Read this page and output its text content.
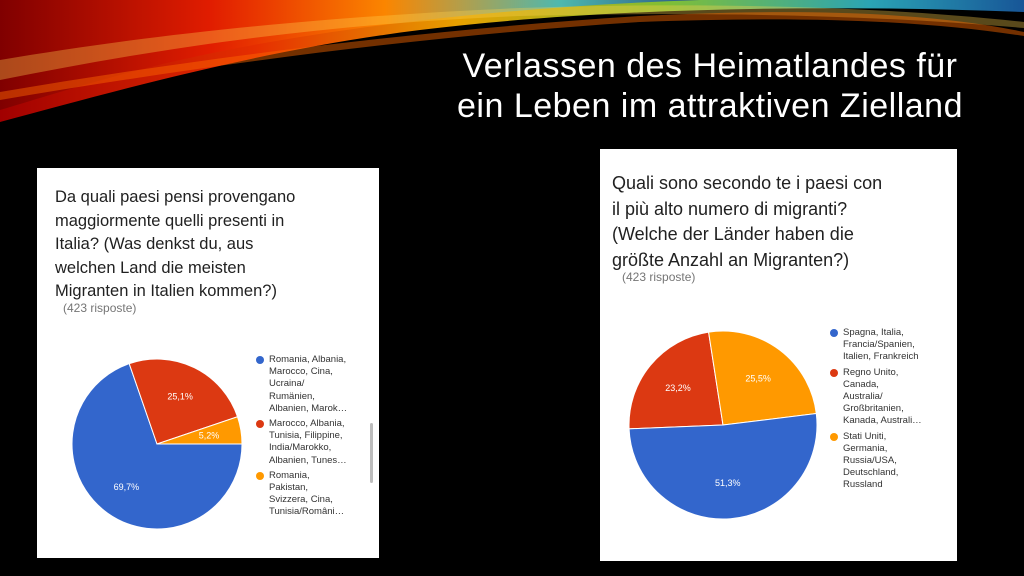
Verlassen des Heimatlandes für
ein Leben im attraktiven Zielland
Da quali paesi pensi provengano
maggiormente quelli presenti in
Italia? (Was denkst du, aus
welchen Land die meisten
Migranten in Italien kommen?)
(423 risposte)
69,7%
25,1%
5,2%
Romania, Albania,
Marocco, Cina,
Ucraina/
Rumänien,
Albanien, Marok…
Marocco, Albania,
Tunisia, Filippine,
India/Marokko,
Albanien, Tunes…
Romania,
Pakistan,
Svizzera, Cina,
Tunisia/Români…
Quali sono secondo te i paesi con
il più alto numero di migranti?
(Welche der Länder haben die
größte Anzahl an Migranten?)
(423 risposte)
23,2%
25,5%
51,3%
Spagna, Italia,
Francia/Spanien,
Italien, Frankreich
Regno Unito,
Canada,
Australia/
Großbritanien,
Kanada, Australi…
Stati Uniti,
Germania,
Russia/USA,
Deutschland,
Russland
